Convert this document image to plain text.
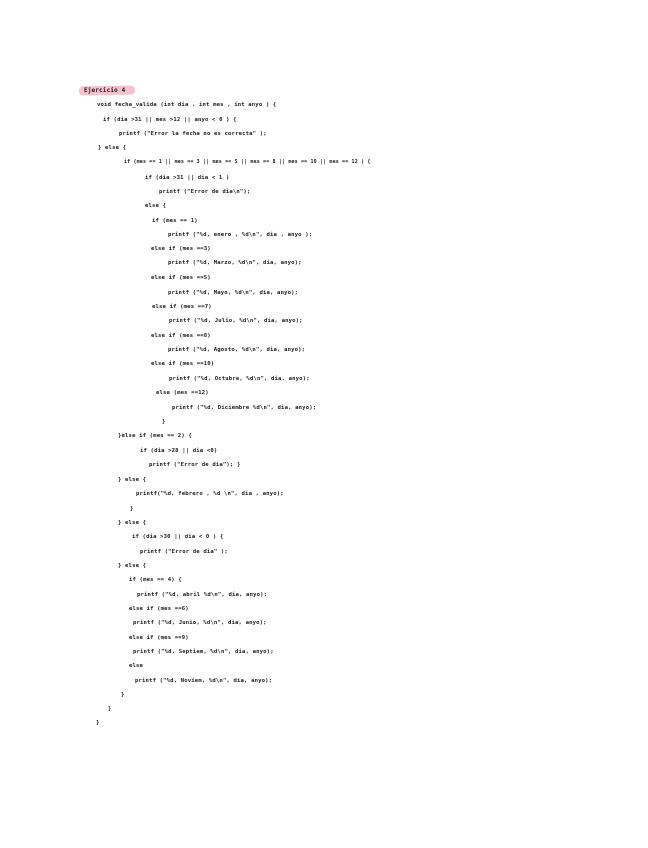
Ejercicio 4
void fecha_valida (int dia , int mes , int anyo ) {
if (dia >31 || mes >12 || anyo < 0 ) {
printf ("Error la fecha no es correcta" );
} else {
if (mes == 1 || mes == 3 || mes == 5 || mes == 8 || mes == 10 || mes == 12 ) {
if (dia >31 || dia < 1 )
printf ("Error de dia\n");
else {
if (mes == 1)
printf ("%d, enero , %d\n", dia , anyo );
else if (mes ==3)
printf ("%d, Marzo, %d\n", dia, anyo);
else if (mes ==5)
printf ("%d, Mayo, %d\n", dia, anyo);
else if (mes ==7)
printf ("%d, Julio, %d\n", dia, anyo);
else if (mes ==8)
printf ("%d, Agosto, %d\n", dia, anyo);
else if (mes ==10)
printf ("%d, Octubre, %d\n", dia, anyo);
else (mes ==12)
printf ("%d, Diciembre %d\n", dia, anyo);
}
}else if (mes == 2) {
if (dia >28 || dia <0)
printf ("Error de dia"); }
} else {
printf("%d, febrero , %d \n", dia , anyo);
}
} else {
if (dia >30 || dia < 0 ) {
printf ("Error de dia" );
} else {
if (mes == 4) {
printf ("%d, abril %d\n", dia, anyo);
else if (mes ==6)
printf ("%d, Junio, %d\n", dia, anyo);
else if (mes ==9)
printf ("%d, Septiem, %d\n", dia, anyo);
else
printf ("%d, Noviem, %d\n", dia, anyo);
}
}
}
